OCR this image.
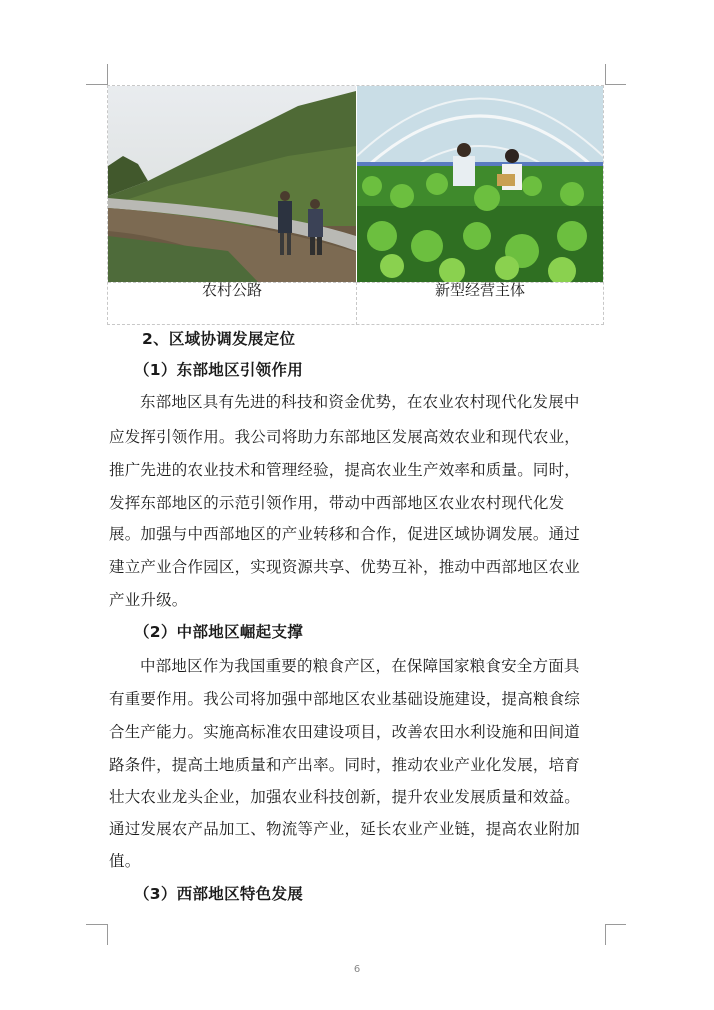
农村公路	新型经营主体
2、区域协调发展定位
（1）东部地区引领作用
东部地区具有先进的科技和资金优势，在农业农村现代化发展中
应发挥引领作用。我公司将助力东部地区发展高效农业和现代农业，
推广先进的农业技术和管理经验，提高农业生产效率和质量。同时，
发挥东部地区的示范引领作用，带动中西部地区农业农村现代化发
展。加强与中西部地区的产业转移和合作，促进区域协调发展。通过
建立产业合作园区，实现资源共享、优势互补，推动中西部地区农业
产业升级。
（2）中部地区崛起支撑
中部地区作为我国重要的粮食产区，在保障国家粮食安全方面具
有重要作用。我公司将加强中部地区农业基础设施建设，提高粮食综
合生产能力。实施高标准农田建设项目，改善农田水利设施和田间道
路条件，提高土地质量和产出率。同时，推动农业产业化发展，培育
壮大农业龙头企业，加强农业科技创新，提升农业发展质量和效益。
通过发展农产品加工、物流等产业，延长农业产业链，提高农业附加
值。
（3）西部地区特色发展
6
